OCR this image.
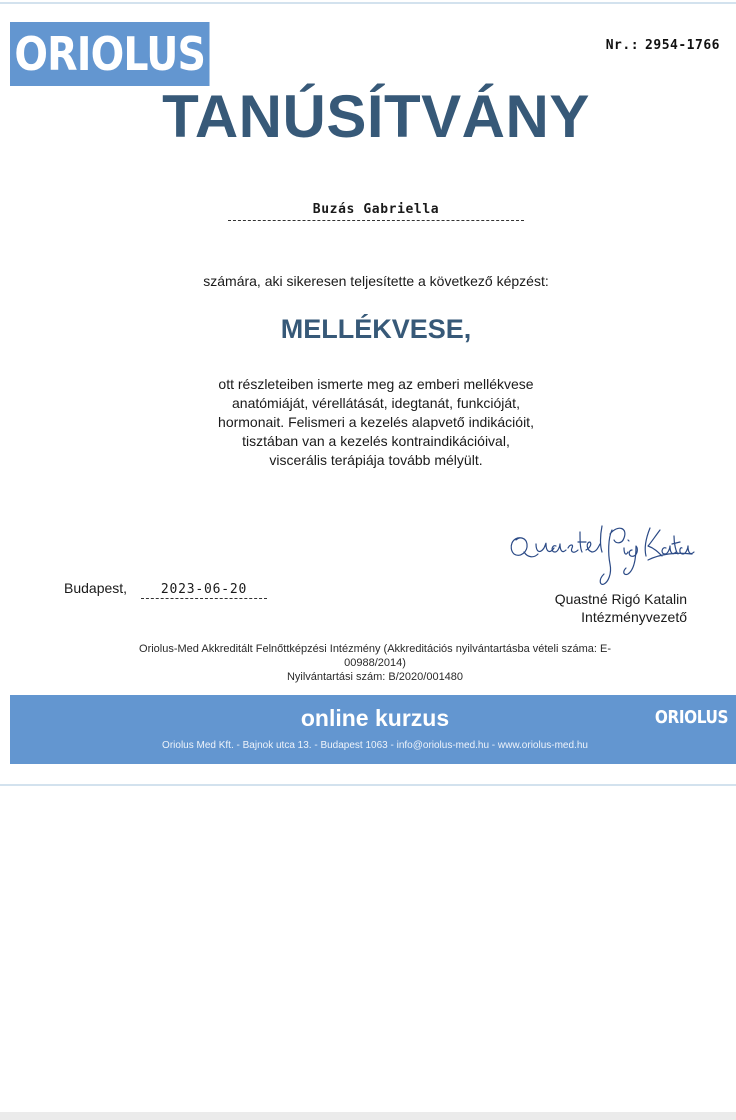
ORIOLUS	Nr.: 2954-1766
TANÚSÍTVÁNY
Buzás Gabriella
számára, aki sikeresen teljesítette a következő képzést:
MELLÉKVESE,
ott részleteiben ismerte meg az emberi mellékvese
anatómiáját, vérellátását, idegtanát, funkcióját,
hormonait. Felismeri a kezelés alapvető indikációit,
tisztában van a kezelés kontraindikációival,
viscerális terápiája tovább mélyült.
Budapest,	2023-06-20
Quastné Rigó Katalin
Intézményvezető
Oriolus-Med Akkreditált Felnőttképzési Intézmény (Akkreditációs nyilvántartásba vételi száma: E-00988/2014)
Nyilvántartási szám: B/2020/001480
online kurzus	ORIOLUS
Oriolus Med Kft. - Bajnok utca 13. - Budapest 1063 - info@oriolus-med.hu - www.oriolus-med.hu
